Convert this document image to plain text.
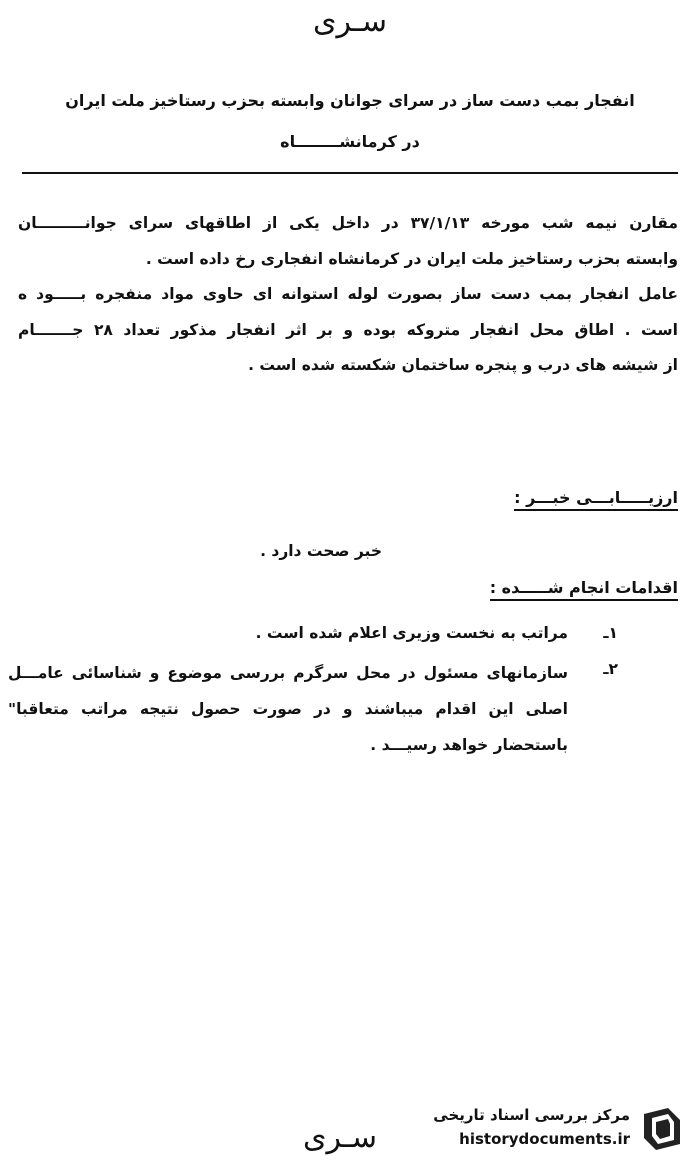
سـری
انفجار بمب دست ساز در سرای جوانان وابسته بحزب رستاخیز ملت ایران
در کرمانشــــــــاه
مقارن نیمه شب مورخه ۳۷/۱/۱۳ در داخل یکی از اطاقهای سرای جوانـــــــــان
وابسته بحزب رستاخیز ملت ایران در کرمانشاه انفجاری رخ داده است .
عامل انفجار بمب دست ساز بصورت لوله استوانه ای حاوی مواد منفجره بـــــود ه
است . اطاق محل انفجار متروکه بوده و بر اثر انفجار مذکور تعداد ۲۸ جـــــــام
از شیشه های درب و پنجره ساختمان شکسته شده است .
ارزیـــــابـــی خبـــر :
خبر صحت دارد .
اقدامات انجام شـــــده :
۱ـ
مراتب به نخست وزیری اعلام شده است .
۲ـ
سازمانهای مسئول در محل سرگرم بررسی موضوع و شناسائی عامـــل
اصلی این اقدام میباشند و در صورت حصول نتیجه مراتب متعاقبا"
باستحضار خواهد رسیـــد .
سـری
مرکز بررسی اسناد تاریخی
historydocuments.ir
